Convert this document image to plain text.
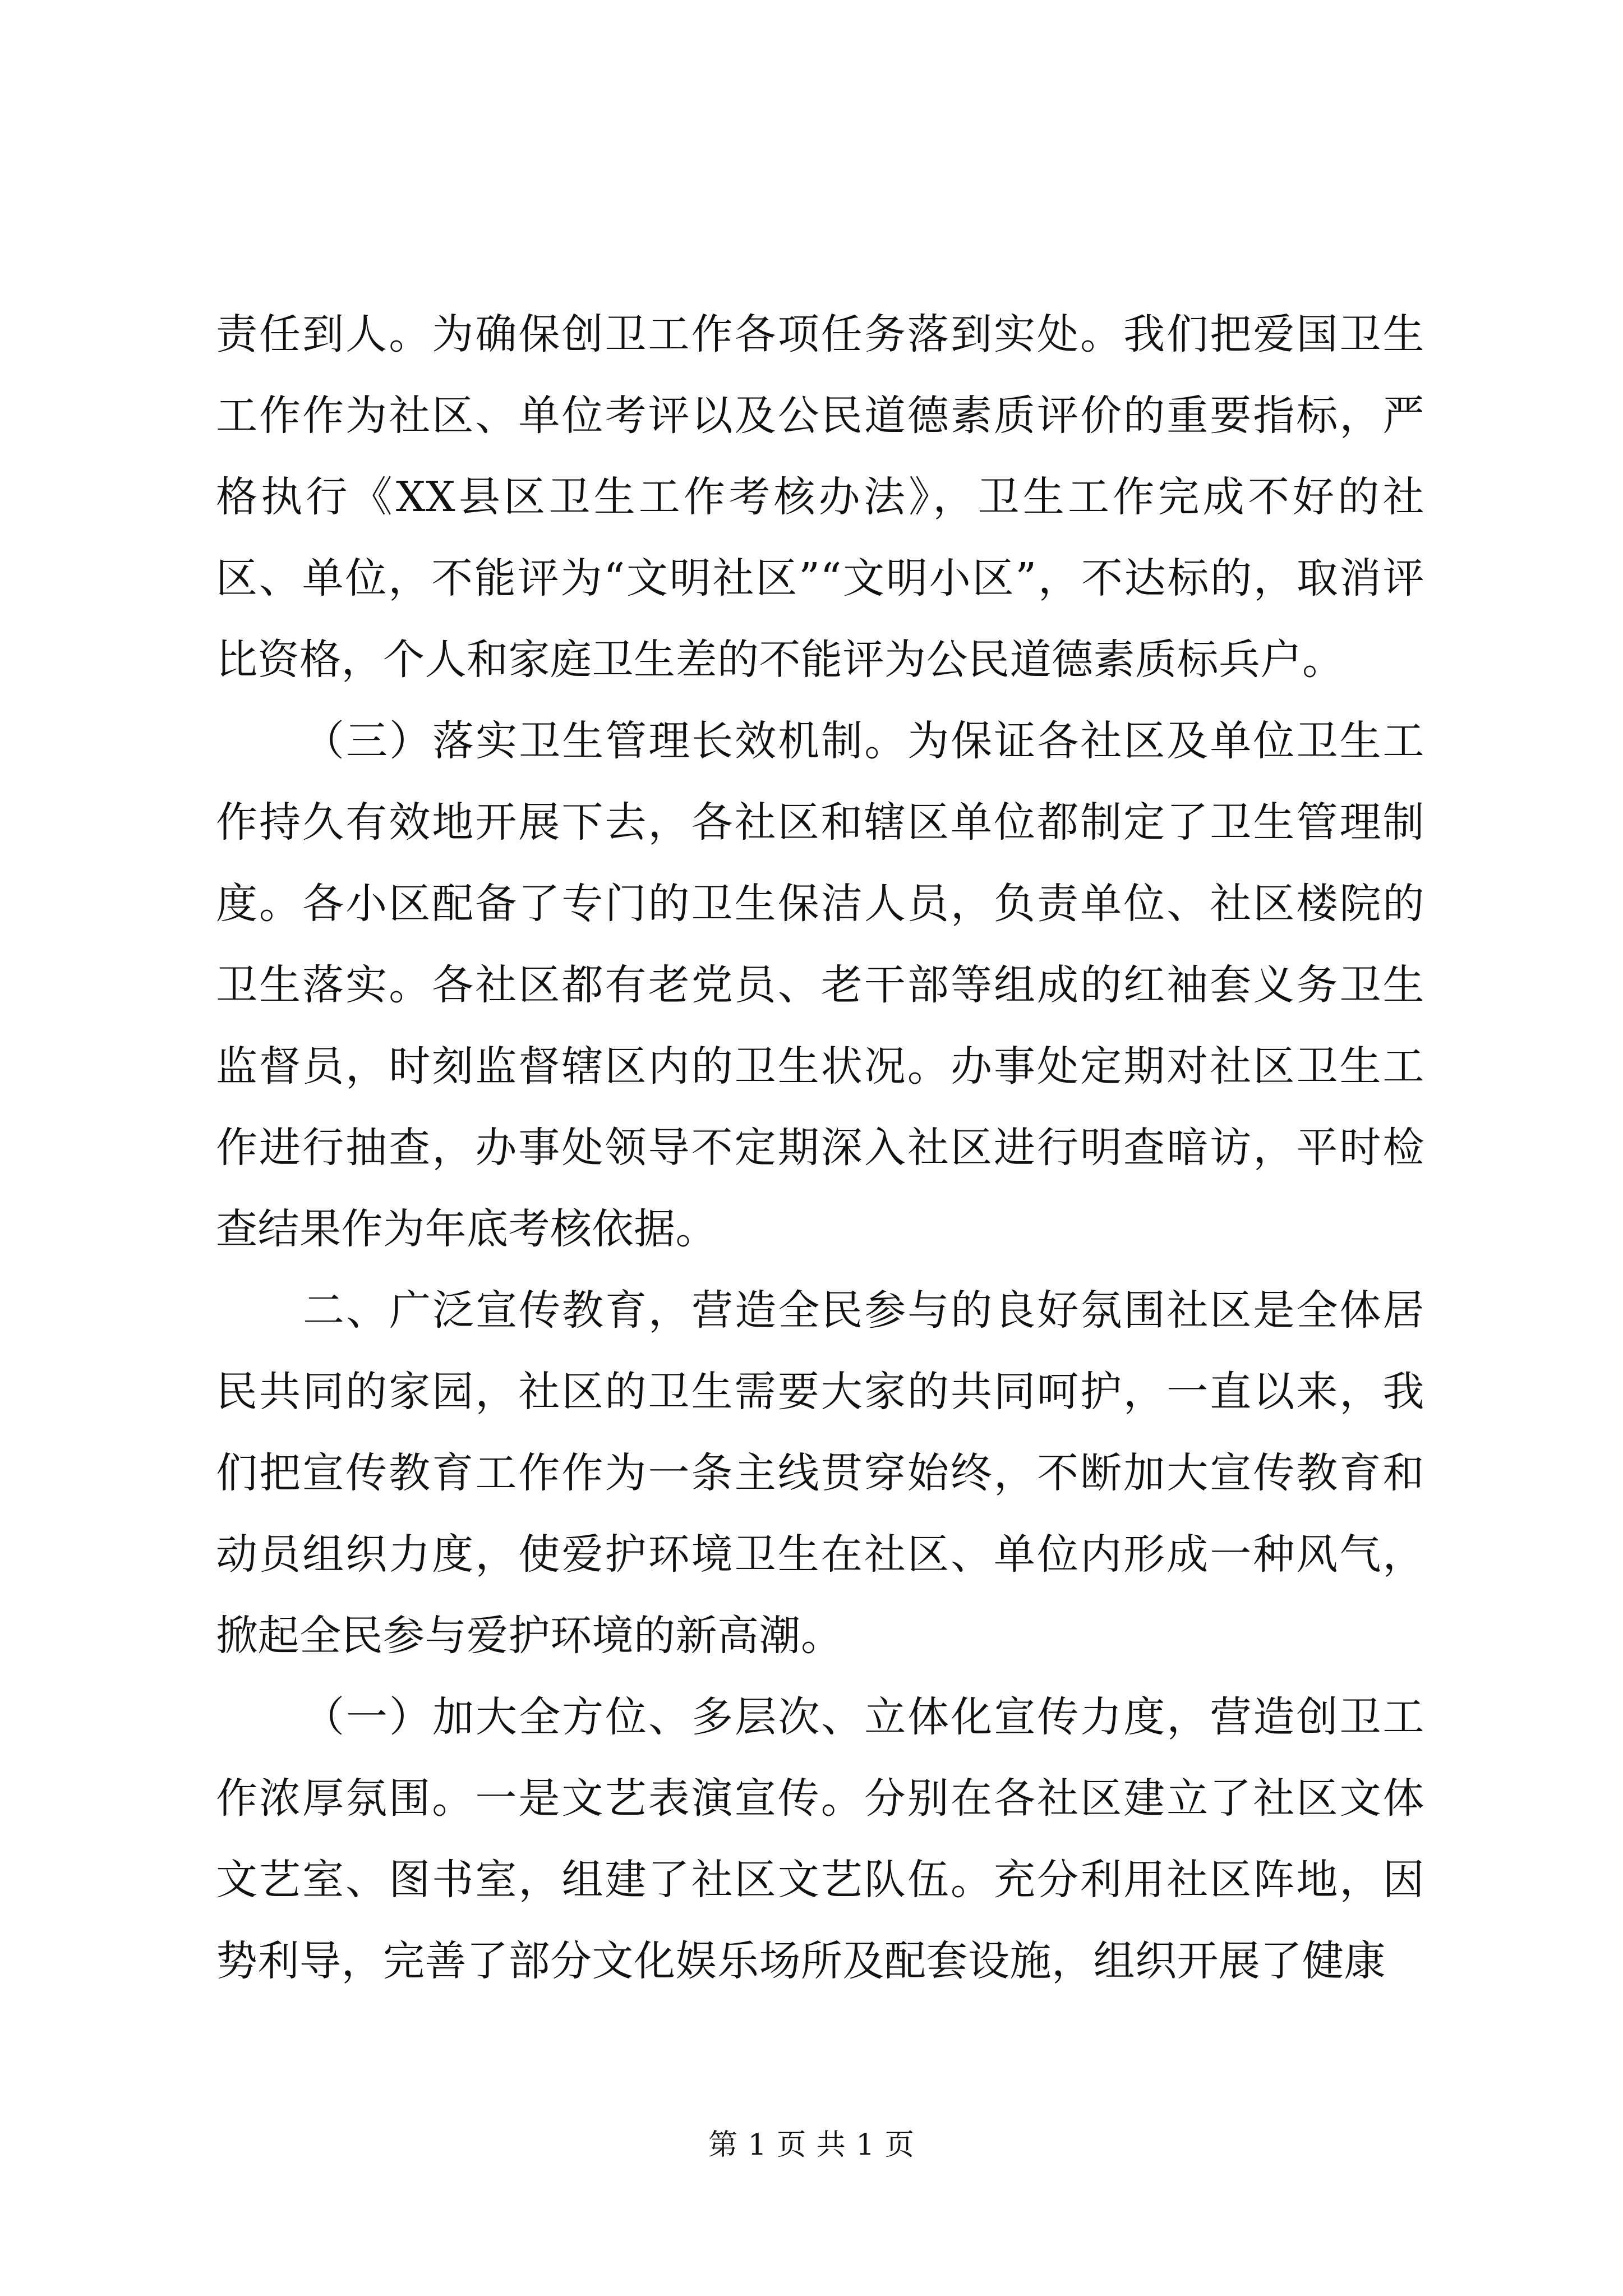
责任到人。为确保创卫工作各项任务落到实处。我们把爱国卫生工作作为社区、单位考评以及公民道德素质评价的重要指标，严格执行《XX县区卫生工作考核办法》，卫生工作完成不好的社区、单位，不能评为“文明社区”“文明小区”，不达标的，取消评比资格，个人和家庭卫生差的不能评为公民道德素质标兵户。

（三）落实卫生管理长效机制。为保证各社区及单位卫生工作持久有效地开展下去，各社区和辖区单位都制定了卫生管理制度。各小区配备了专门的卫生保洁人员，负责单位、社区楼院的卫生落实。各社区都有老党员、老干部等组成的红袖套义务卫生监督员，时刻监督辖区内的卫生状况。办事处定期对社区卫生工作进行抽查，办事处领导不定期深入社区进行明查暗访，平时检查结果作为年底考核依据。

二、广泛宣传教育，营造全民参与的良好氛围社区是全体居民共同的家园，社区的卫生需要大家的共同呵护，一直以来，我们把宣传教育工作作为一条主线贯穿始终，不断加大宣传教育和动员组织力度，使爱护环境卫生在社区、单位内形成一种风气，掀起全民参与爱护环境的新高潮。

（一）加大全方位、多层次、立体化宣传力度，营造创卫工作浓厚氛围。一是文艺表演宣传。分别在各社区建立了社区文体文艺室、图书室，组建了社区文艺队伍。充分利用社区阵地，因势利导，完善了部分文化娱乐场所及配套设施，组织开展了健康

第 1 页 共 1 页
